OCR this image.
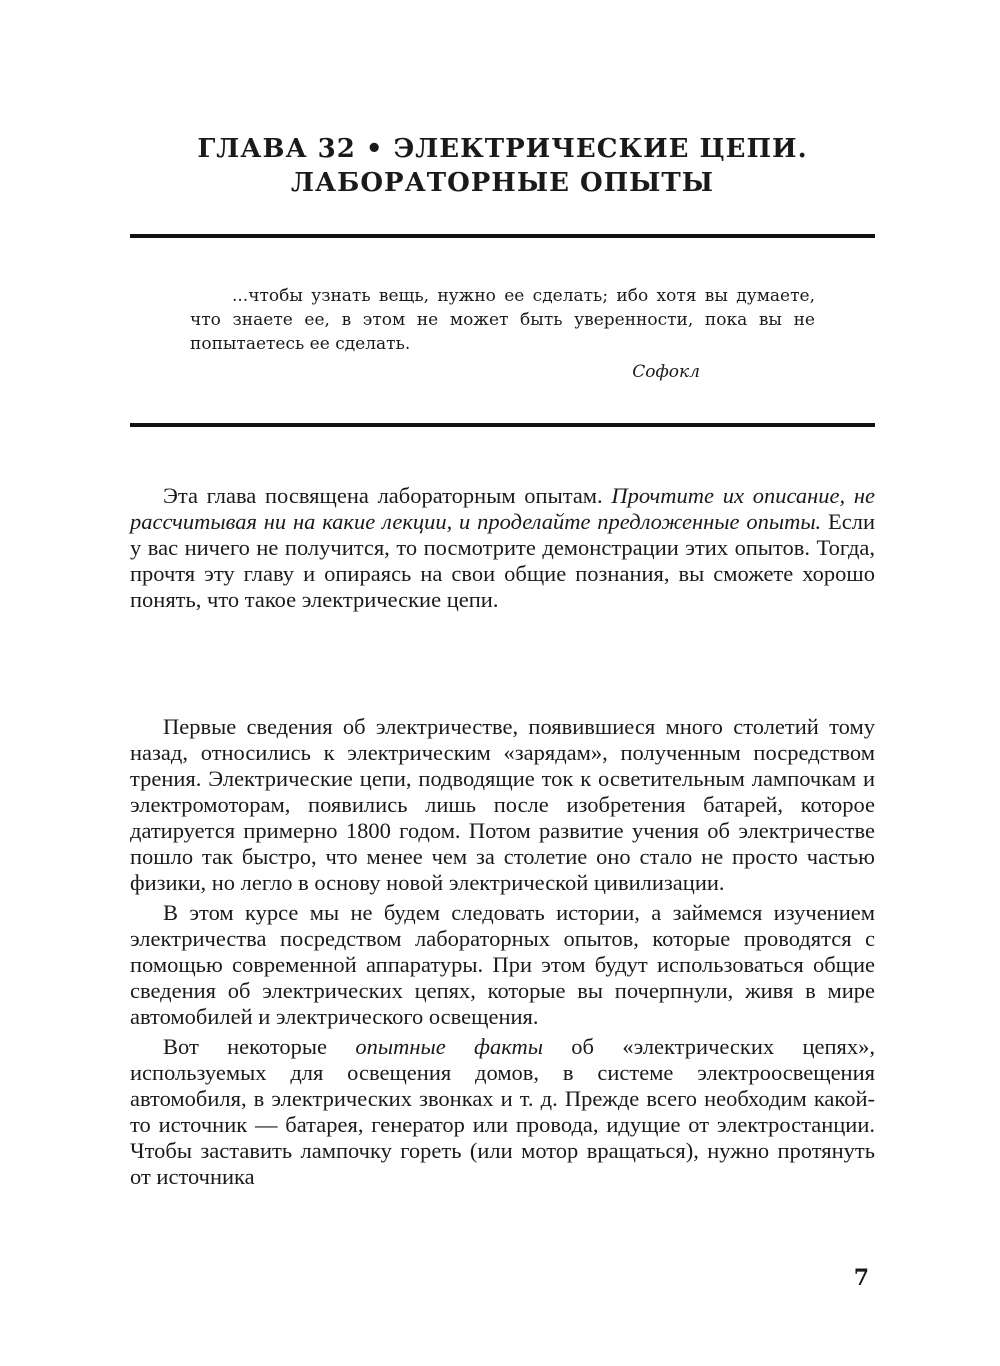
ГЛАВА 32 • ЭЛЕКТРИЧЕСКИЕ ЦЕПИ. ЛАБОРАТОРНЫЕ ОПЫТЫ

...чтобы узнать вещь, нужно ее сделать; ибо хотя вы думаете, что знаете ее, в этом не может быть уверенности, пока вы не попытаетесь ее сделать.

Софокл

Эта глава посвящена лабораторным опытам. Прочтите их описание, не рассчитывая ни на какие лекции, и проделайте предложенные опыты. Если у вас ничего не получится, то посмотрите демонстрации этих опытов. Тогда, прочтя эту главу и опираясь на свои общие познания, вы сможете хорошо понять, что такое электрические цепи.

Первые сведения об электричестве, появившиеся много столетий тому назад, относились к электрическим «зарядам», полученным посредством трения. Электрические цепи, подводящие ток к осветительным лампочкам и электромоторам, появились лишь после изобретения батарей, которое датируется примерно 1800 годом. Потом развитие учения об электричестве пошло так быстро, что менее чем за столетие оно стало не просто частью физики, но легло в основу новой электрической цивилизации.

В этом курсе мы не будем следовать истории, а займемся изучением электричества посредством лабораторных опытов, которые проводятся с помощью современной аппаратуры. При этом будут использоваться общие сведения об электрических цепях, которые вы почерпнули, живя в мире автомобилей и электрического освещения.

Вот некоторые опытные факты об «электрических цепях», используемых для освещения домов, в системе электроосвещения автомобиля, в электрических звонках и т. д. Прежде всего необходим какой-то источник — батарея, генератор или провода, идущие от электростанции. Чтобы заставить лампочку гореть (или мотор вращаться), нужно протянуть от источника

7
